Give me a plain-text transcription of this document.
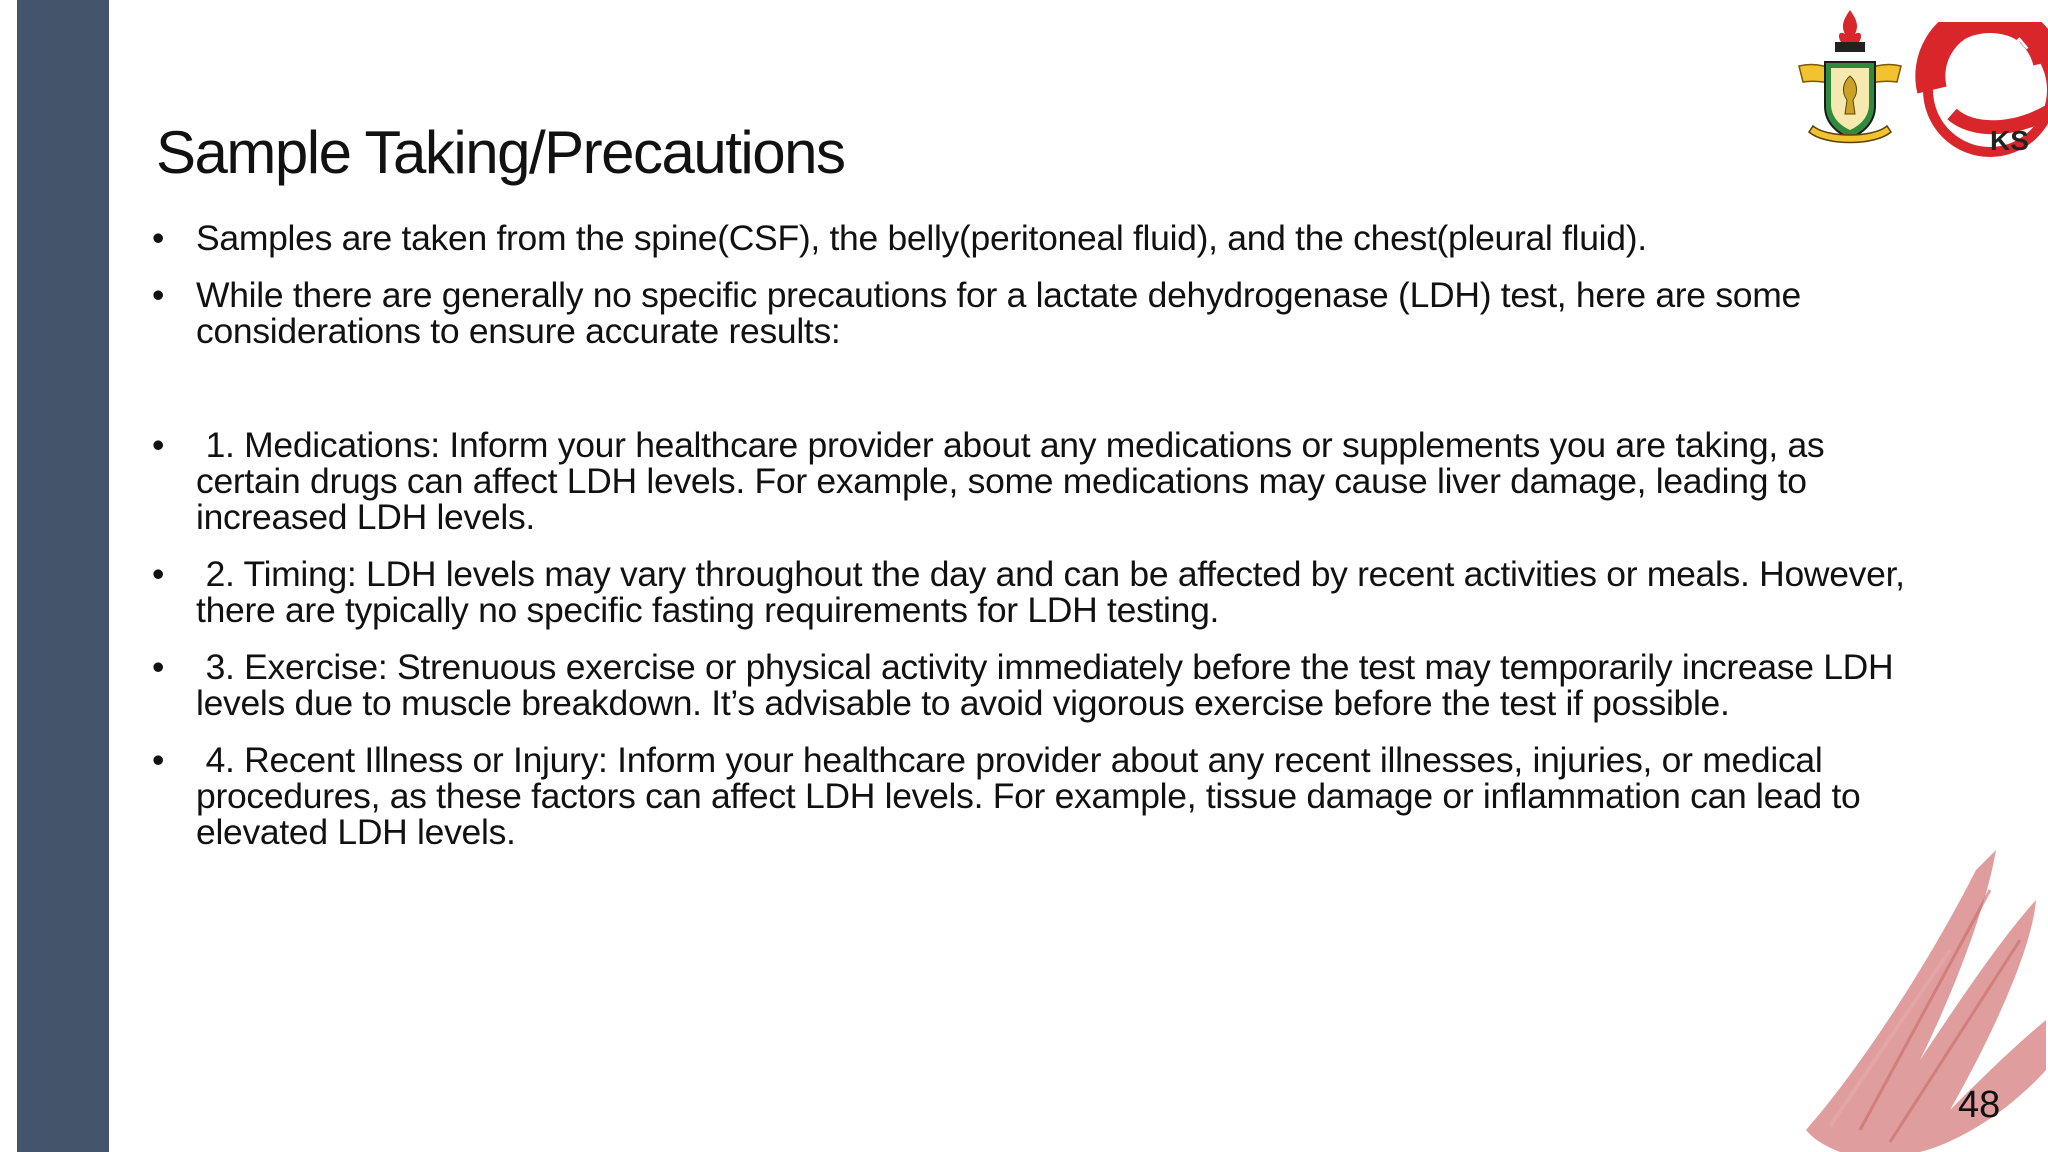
Sample Taking/Precautions
• Samples are taken from the spine(CSF), the belly(peritoneal fluid), and the chest(pleural fluid).
• While there are generally no specific precautions for a lactate dehydrogenase (LDH) test, here are some considerations to ensure accurate results:
• 1. Medications: Inform your healthcare provider about any medications or supplements you are taking, as certain drugs can affect LDH levels. For example, some medications may cause liver damage, leading to increased LDH levels.
• 2. Timing: LDH levels may vary throughout the day and can be affected by recent activities or meals. However, there are typically no specific fasting requirements for LDH testing.
• 3. Exercise: Strenuous exercise or physical activity immediately before the test may temporarily increase LDH levels due to muscle breakdown. It’s advisable to avoid vigorous exercise before the test if possible.
• 4. Recent Illness or Injury: Inform your healthcare provider about any recent illnesses, injuries, or medical procedures, as these factors can affect LDH levels. For example, tissue damage or inflammation can lead to elevated LDH levels.
OOL OF M
KS
48
